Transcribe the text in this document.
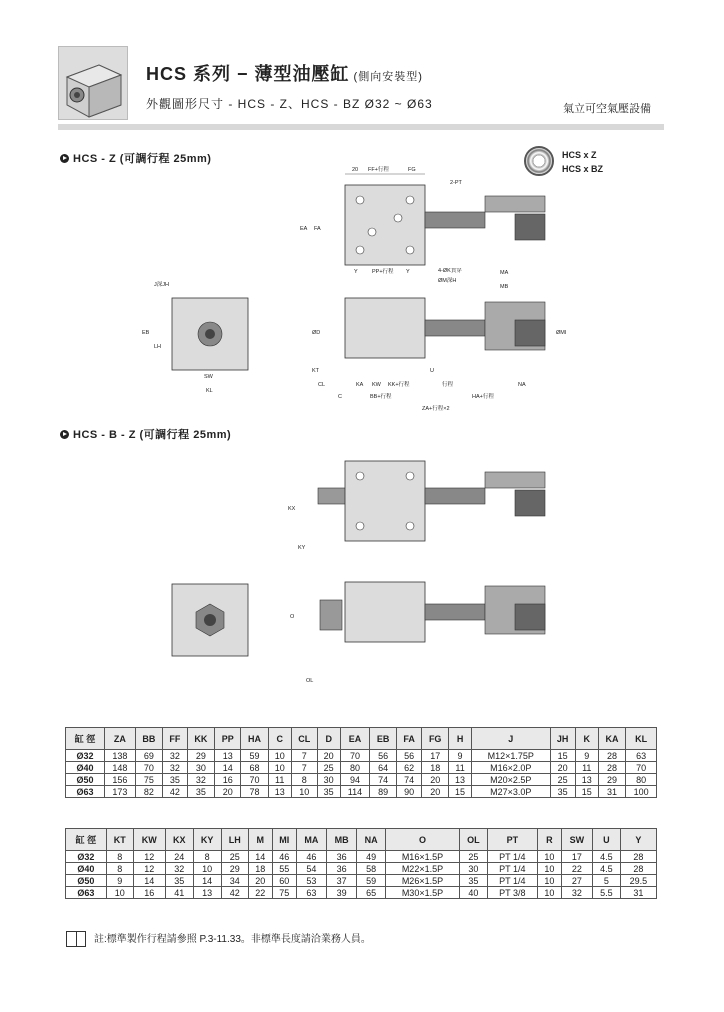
HCS 系列 − 薄型油壓缸 (側向安裝型)
外觀圖形尺寸 - HCS - Z、HCS - BZ Ø32 ~ Ø63	氣立可空氣壓設備
HCS x Z
HCS x BZ
HCS - Z (可調行程 25mm)
20 FF+行程	FG
2-PT
EA FA
Y	PP+行程 Y
J深JH
EB
LH
SW
KL
4-ØK貫穿
ØM深H
MA
MB
ØD	ØMI
KT	U
CL	KA KW KK+行程	行程	NA
C	BB+行程	HA+行程
ZA+行程×2
HCS - B - Z (可調行程 25mm)
KY
KX
O
OL
缸 徑	ZA	BB	FF	KK	PP	HA	C	CL	D	EA	EB	FA	FG	H	J	JH	K	KA	KL
Ø32	138	69	32	29	13	59	10	7	20	70	56	56	17	9	M12×1.75P	15	9	28	63
Ø40	148	70	32	30	14	68	10	7	25	80	64	62	18	11	M16×2.0P	20	11	28	70
Ø50	156	75	35	32	16	70	11	8	30	94	74	74	20	13	M20×2.5P	25	13	29	80
Ø63	173	82	42	35	20	78	13	10	35	114	89	90	20	15	M27×3.0P	35	15	31	100
缸 徑	KT	KW	KX	KY	LH	M	MI	MA	MB	NA	O	OL	PT	R	SW	U	Y
Ø32	8	12	24	8	25	14	46	46	36	49	M16×1.5P	25	PT 1/4	10	17	4.5	28
Ø40	8	12	32	10	29	18	55	54	36	58	M22×1.5P	30	PT 1/4	10	22	4.5	28
Ø50	9	14	35	14	34	20	60	53	37	59	M26×1.5P	35	PT 1/4	10	27	5	29.5
Ø63	10	16	41	13	42	22	75	63	39	65	M30×1.5P	40	PT 3/8	10	32	5.5	31
註:標準製作行程請參照 P.3-11.33。非標準長度請洽業務人員。
